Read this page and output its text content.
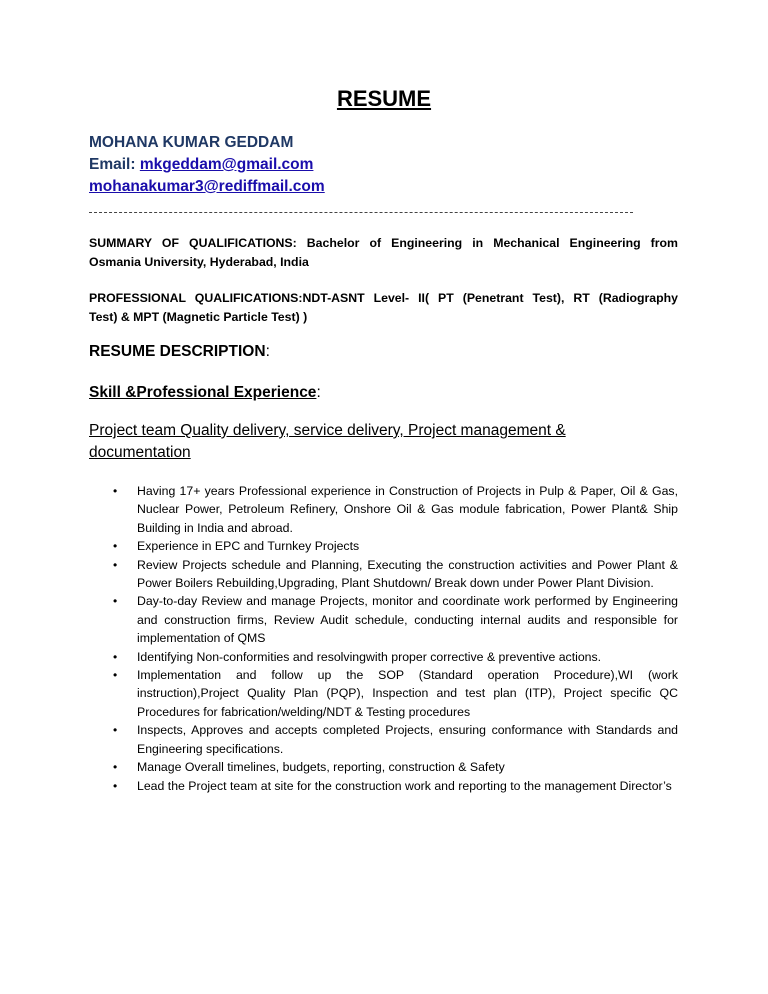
RESUME
MOHANA KUMAR GEDDAM
Email: mkgeddam@gmail.com
mohanakumar3@rediffmail.com
SUMMARY OF QUALIFICATIONS: Bachelor of Engineering in Mechanical Engineering from
Osmania University, Hyderabad, India
PROFESSIONAL QUALIFICATIONS:NDT-ASNT Level- II( PT (Penetrant Test), RT (Radiography
Test) & MPT (Magnetic Particle Test) )
RESUME DESCRIPTION:
Skill &Professional Experience:
Project team Quality delivery, service delivery, Project management & documentation
• Having 17+ years Professional experience in Construction of Projects in Pulp & Paper, Oil & Gas, Nuclear Power, Petroleum Refinery, Onshore Oil & Gas module fabrication, Power Plant& Ship Building in India and abroad.
• Experience in EPC and Turnkey Projects
• Review Projects schedule and Planning, Executing the construction activities and Power Plant & Power Boilers Rebuilding,Upgrading, Plant Shutdown/ Break down under Power Plant Division.
• Day-to-day Review and manage Projects, monitor and coordinate work performed by Engineering and construction firms, Review Audit schedule, conducting internal audits and responsible for implementation of QMS
• Identifying Non-conformities and resolvingwith proper corrective & preventive actions.
• Implementation and follow up the SOP (Standard operation Procedure),WI (work instruction),Project Quality Plan (PQP), Inspection and test plan (ITP), Project specific QC Procedures for fabrication/welding/NDT & Testing procedures
• Inspects, Approves and accepts completed Projects, ensuring conformance with Standards and Engineering specifications.
• Manage Overall timelines, budgets, reporting, construction & Safety
• Lead the Project team at site for the construction work and reporting to the management Director’s
